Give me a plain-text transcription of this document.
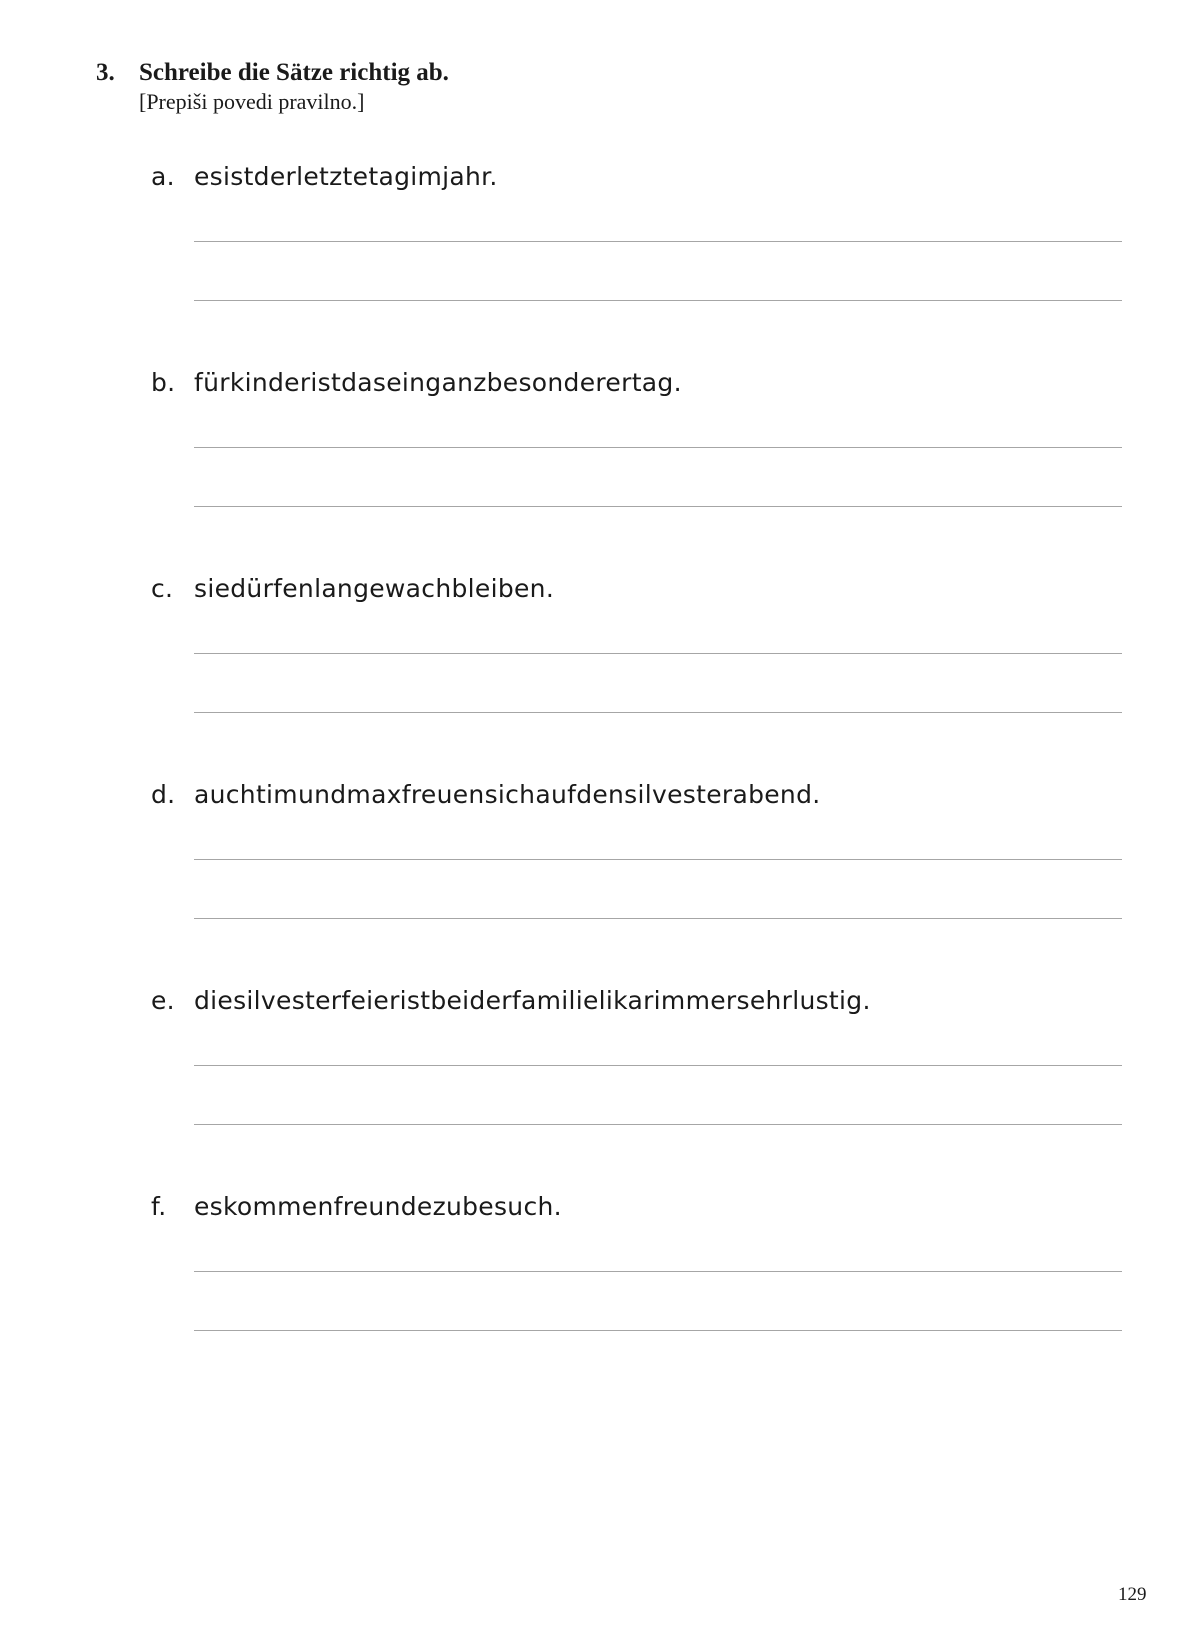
3. Schreibe die Sätze richtig ab.
[Prepiši povedi pravilno.]
a. esistderletztetagimjahr.
b. fürkinderistdaseinganzbesonderertag.
c. siedürfenlangewachbleiben.
d. auchtimundmaxfreuensichaufdensilvesterabend.
e. diesilvesterfeieristbeiderfamilielikarimmersehrlustig.
f. eskommenfreundezubesuch.
129
